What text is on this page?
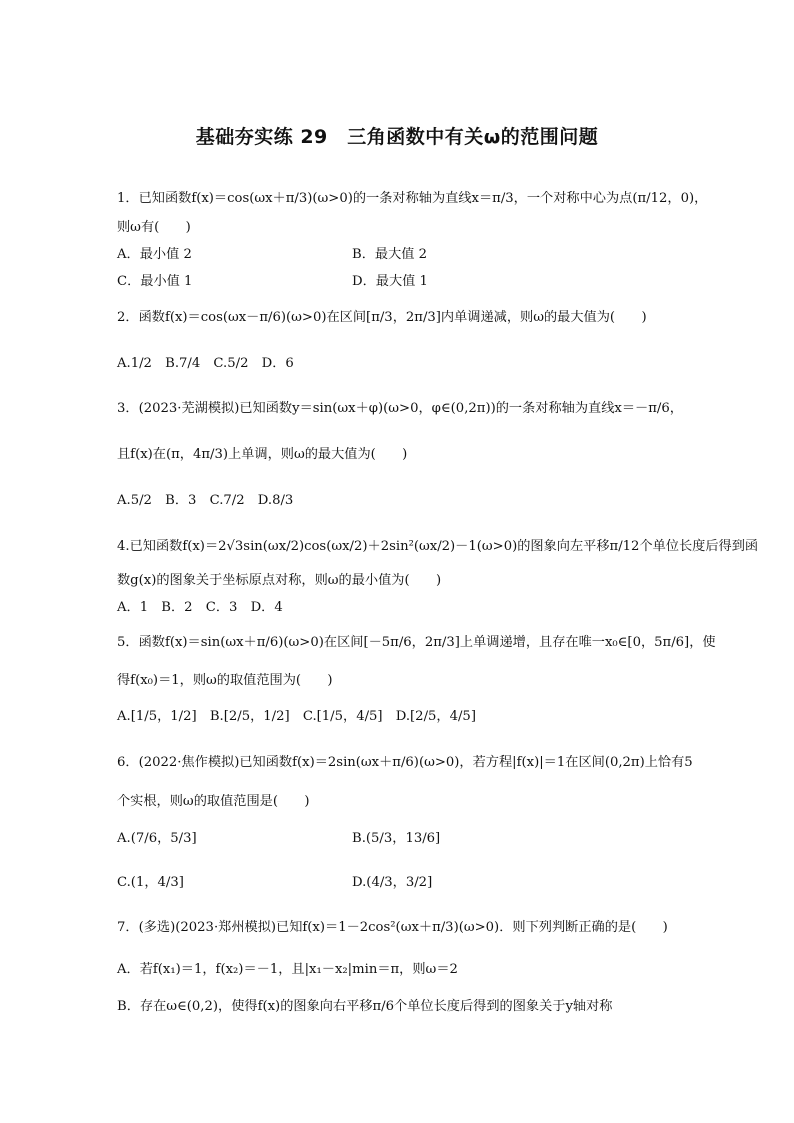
基础夯实练 29　三角函数中有关ω的范围问题
1．已知函数f(x)＝cos(ωx＋π/3)(ω>0)的一条对称轴为直线x＝π/3，一个对称中心为点(π/12，0)，
则ω有(　　)
A．最小值 2	B．最大值 2
C．最小值 1	D．最大值 1
2．函数f(x)＝cos(ωx－π/6)(ω>0)在区间[π/3，2π/3]内单调递减，则ω的最大值为(　　)
A.1/2　B.7/4　C.5/2　D．6
3．(2023·芜湖模拟)已知函数y＝sin(ωx＋φ)(ω>0，φ∈(0,2π))的一条对称轴为直线x＝－π/6，
且f(x)在(π，4π/3)上单调，则ω的最大值为(　　)
A.5/2　B．3　C.7/2　D.8/3
4.已知函数f(x)＝2√3sin(ωx/2)cos(ωx/2)＋2sin²(ωx/2)－1(ω>0)的图象向左平移π/12个单位长度后得到函
数g(x)的图象关于坐标原点对称，则ω的最小值为(　　)
A．1　B．2　C．3　D．4
5．函数f(x)＝sin(ωx＋π/6)(ω>0)在区间[－5π/6，2π/3]上单调递增，且存在唯一x₀∈[0，5π/6]，使
得f(x₀)＝1，则ω的取值范围为(　　)
A.[1/5，1/2]　B.[2/5，1/2]　C.[1/5，4/5]　D.[2/5，4/5]
6．(2022·焦作模拟)已知函数f(x)＝2sin(ωx＋π/6)(ω>0)，若方程|f(x)|＝1在区间(0,2π)上恰有5
个实根，则ω的取值范围是(　　)
A.(7/6，5/3]	B.(5/3，13/6]
C.(1，4/3]	D.(4/3，3/2]
7．(多选)(2023·郑州模拟)已知f(x)＝1－2cos²(ωx＋π/3)(ω>0)．则下列判断正确的是(　　)
A．若f(x₁)＝1，f(x₂)＝－1，且|x₁－x₂|min＝π，则ω＝2
B．存在ω∈(0,2)，使得f(x)的图象向右平移π/6个单位长度后得到的图象关于y轴对称
